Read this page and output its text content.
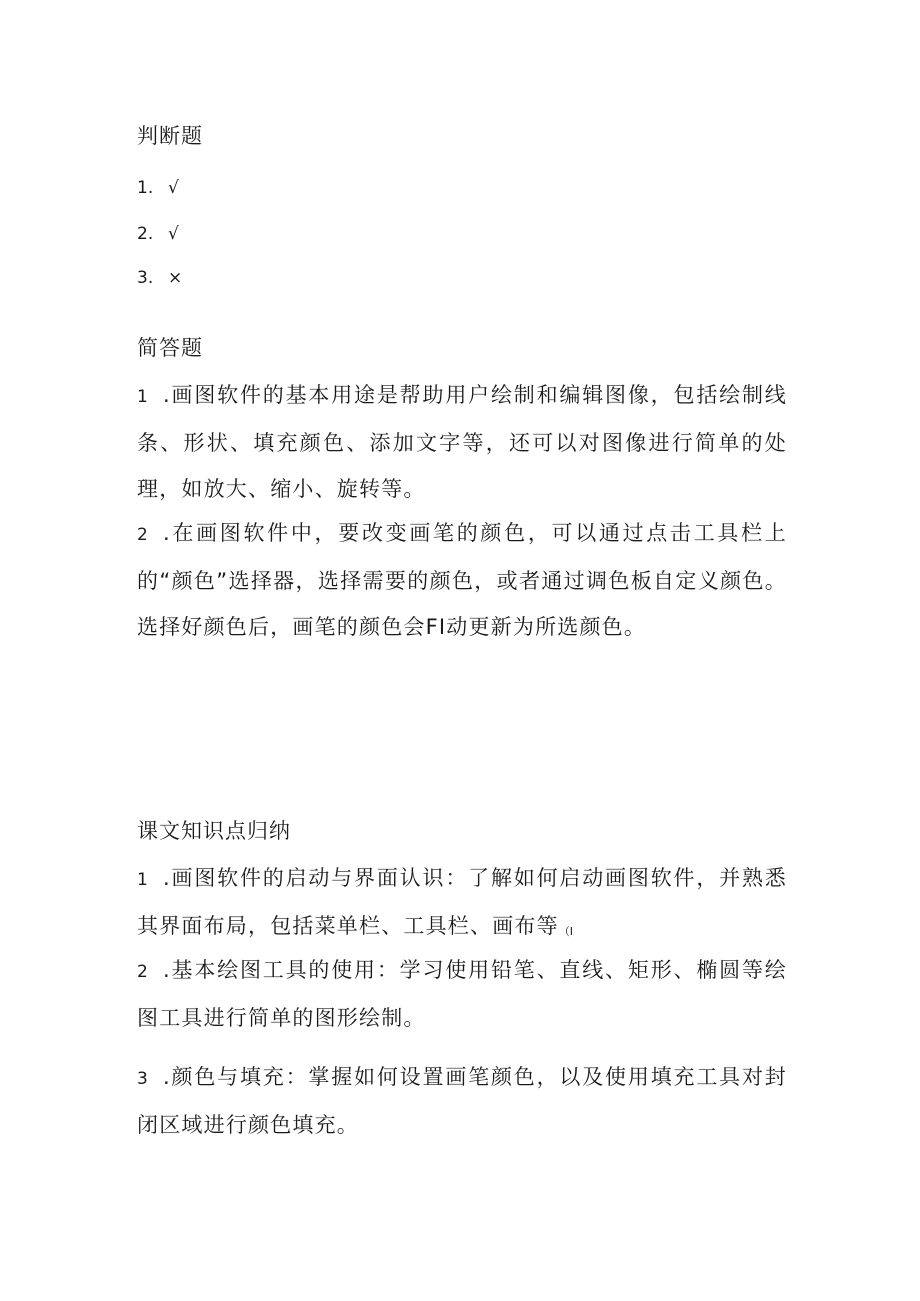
判断题
1. √
2. √
3. ×
简答题
1 .画图软件的基本用途是帮助用户绘制和编辑图像，包括绘制线条、形状、填充颜色、添加文字等，还可以对图像进行简单的处理，如放大、缩小、旋转等。
2 .在画图软件中，要改变画笔的颜色，可以通过点击工具栏上的“颜色”选择器，选择需要的颜色，或者通过调色板自定义颜色。选择好颜色后，画笔的颜色会FI动更新为所选颜色。
课文知识点归纳
1 .画图软件的启动与界面认识：了解如何启动画图软件，并熟悉其界面布局，包括菜单栏、工具栏、画布等（I
2 .基本绘图工具的使用：学习使用铅笔、直线、矩形、椭圆等绘图工具进行简单的图形绘制。
3 .颜色与填充：掌握如何设置画笔颜色，以及使用填充工具对封闭区域进行颜色填充。
